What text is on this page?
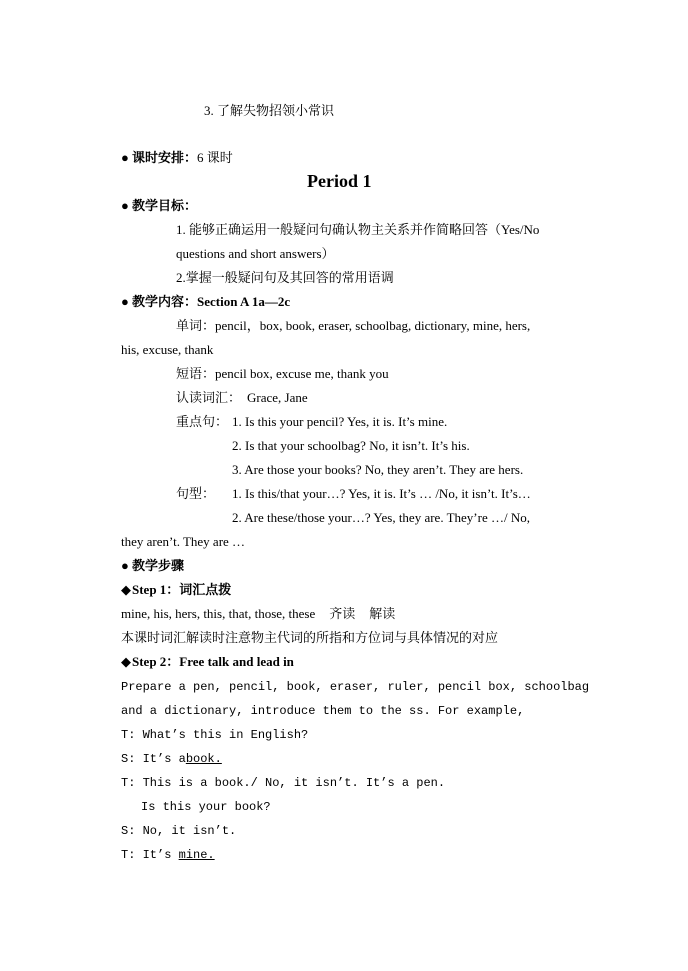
3. 了解失物招领小常识
● 课时安排：6 课时
Period 1
● 教学目标：
1. 能够正确运用一般疑问句确认物主关系并作简略回答（Yes/No
questions and short answers）
2.掌握一般疑问句及其回答的常用语调
● 教学内容：Section A 1a—2c
单词：pencil，box, book, eraser, schoolbag, dictionary, mine, hers,
his, excuse, thank
短语：pencil box, excuse me, thank you
认读词汇： Grace, Jane
重点句： 1. Is this your pencil? Yes, it is. It’s mine.
2. Is that your schoolbag? No, it isn’t. It’s his.
3. Are those your books? No, they aren’t. They are hers.
句型： 1. Is this/that your…? Yes, it is. It’s … /No, it isn’t. It’s…
2. Are these/those your…? Yes, they are. They’re …/ No,
they aren’t. They are …
● 教学步骤
◆Step 1：词汇点拨
mine, his, hers, this, that, those, these 齐读 解读
本课时词汇解读时注意物主代词的所指和方位词与具体情况的对应
◆Step 2：Free talk and lead in
Prepare a pen, pencil, book, eraser, ruler, pencil box, schoolbag
and a dictionary, introduce them to the ss. For example,
T: What’s this in English?
S: It’s abook.
T: This is a book./ No, it isn’t. It’s a pen.
Is this your book?
S: No, it isn’t.
T: It’s mine.
